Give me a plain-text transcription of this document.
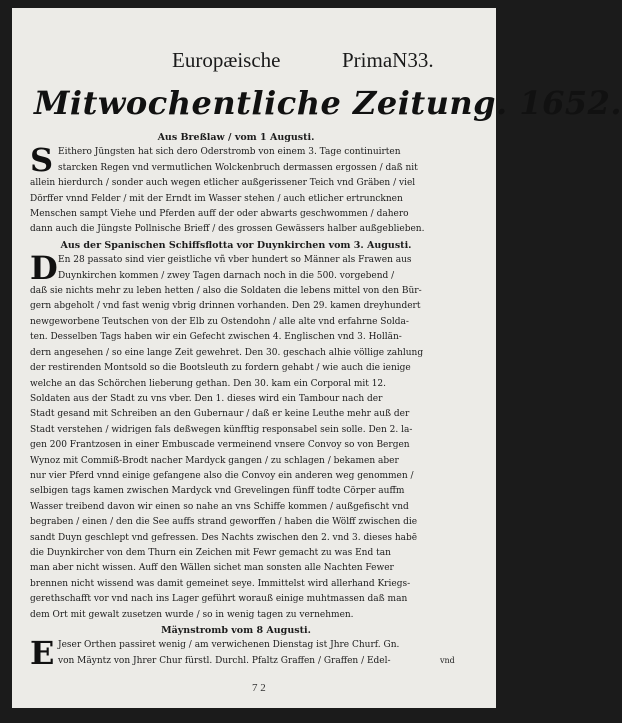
Europæische	PrimaN33.
Mitwochentliche Zeitung. 1652.
Aus Breßlaw / vom 1 Augusti.
S Eithero Jüngsten hat sich dero Oderstromb von einem 3. Tage continuirten
starcken Regen vnd vermutlichen Wolckenbruch dermassen ergossen / daß nit
allein hierdurch / sonder auch wegen etlicher außgerissener Teich vnd Gräben / viel
Dörffer vnnd Felder / mit der Erndt im Wasser stehen / auch etlicher ertruncknen
Menschen sampt Viehe und Pferden auff der oder abwarts geschwommen / dahero
dann auch die Jüngste Pollnische Brieff / des grossen Gewässers halber außgeblieben.
Aus der Spanischen Schiffsflotta vor Duynkirchen vom 3. Augusti.
D En 28 passato sind vier geistliche vñ vber hundert so Männer als Frawen aus
Duynkirchen kommen / zwey Tagen darnach noch in die 500. vorgebend /
daß sie nichts mehr zu leben hetten / also die Soldaten die lebens mittel von den Bür-
gern abgeholt / vnd fast wenig vbrig drinnen vorhanden. Den 29. kamen dreyhundert
newgeworbene Teutschen von der Elb zu Ostendohn / alle alte vnd erfahrne Solda-
ten. Desselben Tags haben wir ein Gefecht zwischen 4. Englischen vnd 3. Hollän-
dern angesehen / so eine lange Zeit gewehret. Den 30. geschach alhie völlige zahlung
der restirenden Montsold so die Bootsleuth zu fordern gehabt / wie auch die ienige
welche an das Schörchen lieberung gethan. Den 30. kam ein Corporal mit 12.
Soldaten aus der Stadt zu vns vber. Den 1. dieses wird ein Tambour nach der
Stadt gesand mit Schreiben an den Gubernaur / daß er keine Leuthe mehr auß der
Stadt verstehen / widrigen fals deßwegen künfftig responsabel sein solle. Den 2. la-
gen 200 Frantzosen in einer Embuscade vermeinend vnsere Convoy so von Bergen
Wynoz mit Commiß-Brodt nacher Mardyck gangen / zu schlagen / bekamen aber
nur vier Pferd vnnd einige gefangene also die Convoy ein anderen weg genommen /
selbigen tags kamen zwischen Mardyck vnd Grevelingen fünff todte Cörper auff̄m
Wasser treibend davon wir einen so nahe an vns Schiffe kommen / außgefischt vnd
begraben / einen / den die See auffs strand geworffen / haben die Wölff zwischen die
sandt Duyn geschlept vnd gefressen. Des Nachts zwischen den 2. vnd 3. dieses habē
die Duynkircher von dem Thurn ein Zeichen mit Fewr gemacht zu was End tan
man aber nicht wissen. Auff den Wällen sichet man sonsten alle Nachten Fewer
brennen nicht wissend was damit gemeinet seye. Immittelst wird allerhand Kriegs-
gerethschafft vor vnd nach ins Lager geführt worauß einige muhtmassen daß man
dem Ort mit gewalt zusetzen wurde / so in wenig tagen zu vernehmen.
Mäynstromb vom 8 Augusti.
E Jeser Orthen passiret wenig / am verwichenen Dienstag ist Jhre Churf. Gn.
von Mäyntz von Jhrer Chur fürstl. Durchl. Pfaltz Graffen / Graffen / Edel-	vnd
7 2
